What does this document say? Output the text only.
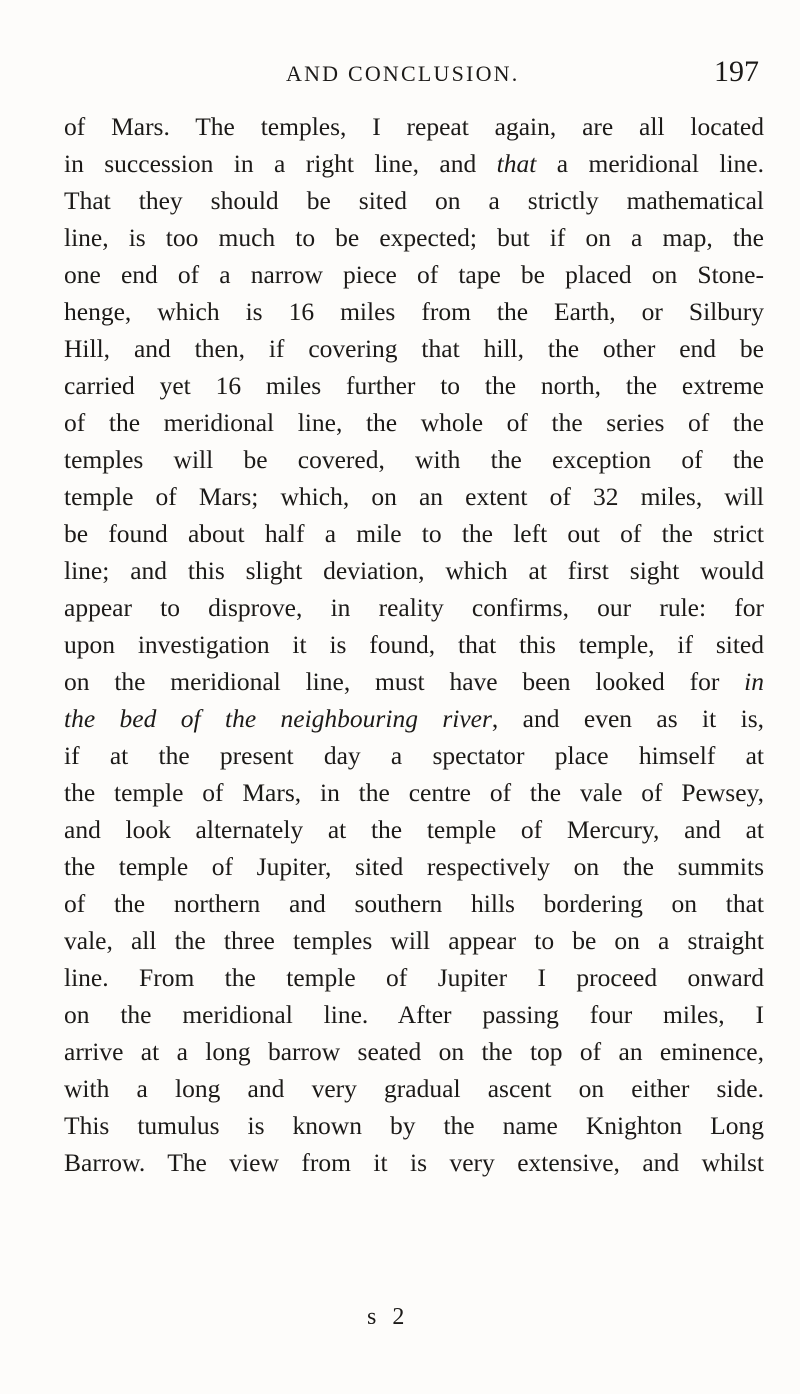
AND CONCLUSION.	197
of Mars. The temples, I repeat again, are all located
in succession in a right line, and that a meridional line.
That they should be sited on a strictly mathematical
line, is too much to be expected; but if on a map, the
one end of a narrow piece of tape be placed on Stone-
henge, which is 16 miles from the Earth, or Silbury
Hill, and then, if covering that hill, the other end be
carried yet 16 miles further to the north, the extreme
of the meridional line, the whole of the series of the
temples will be covered, with the exception of the
temple of Mars; which, on an extent of 32 miles, will
be found about half a mile to the left out of the strict
line; and this slight deviation, which at first sight would
appear to disprove, in reality confirms, our rule: for
upon investigation it is found, that this temple, if sited
on the meridional line, must have been looked for in
the bed of the neighbouring river, and even as it is,
if at the present day a spectator place himself at
the temple of Mars, in the centre of the vale of Pewsey,
and look alternately at the temple of Mercury, and at
the temple of Jupiter, sited respectively on the summits
of the northern and southern hills bordering on that
vale, all the three temples will appear to be on a straight
line. From the temple of Jupiter I proceed onward
on the meridional line. After passing four miles, I
arrive at a long barrow seated on the top of an eminence,
with a long and very gradual ascent on either side.
This tumulus is known by the name Knighton Long
Barrow. The view from it is very extensive, and whilst
s 2
